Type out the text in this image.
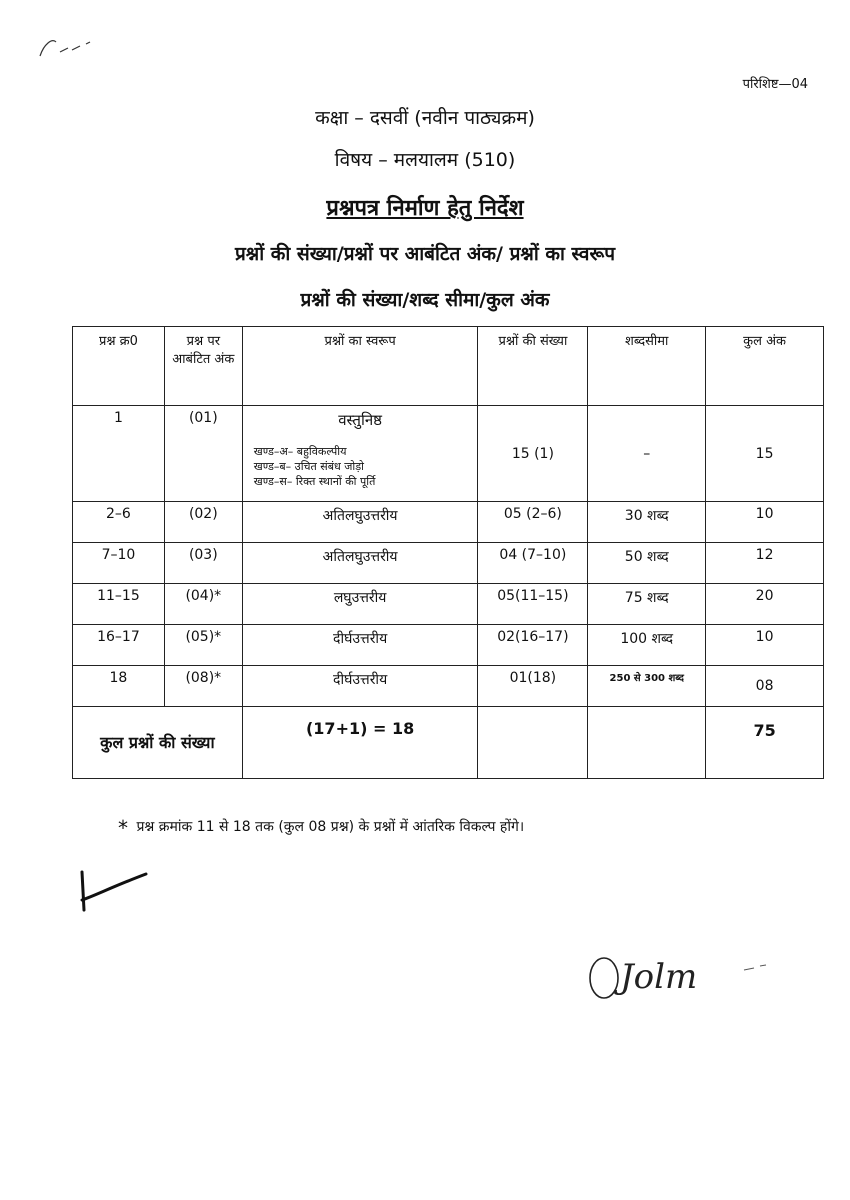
परिशिष्ट—04
कक्षा – दसवीं (नवीन पाठ्यक्रम)
विषय – मलयालम (510)
प्रश्नपत्र निर्माण हेतु निर्देश
प्रश्नों की संख्या/प्रश्नों पर आबंटित अंक/ प्रश्नों का स्वरूप
प्रश्नों की संख्या/शब्द सीमा/कुल अंक
प्रश्न क्र0	प्रश्न पर आबंटित अंक	प्रश्नों का स्वरूप	प्रश्नों की संख्या	शब्दसीमा	कुल अंक
1	(01)	वस्तुनिष्ठ
खण्ड–अ– बहुविकल्पीय
खण्ड–ब– उचित संबंध जोड़ो
खण्ड–स– रिक्त स्थानों की पूर्ति	15 (1)	–	15
2–6	(02)	अतिलघुउत्तरीय	05 (2–6)	30 शब्द	10
7–10	(03)	अतिलघुउत्तरीय	04 (7–10)	50 शब्द	12
11–15	(04)*	लघुउत्तरीय	05(11–15)	75 शब्द	20
16–17	(05)*	दीर्घउत्तरीय	02(16–17)	100 शब्द	10
18	(08)*	दीर्घउत्तरीय	01(18)	250 से 300 शब्द	08
कुल प्रश्नों की संख्या		(17+1) = 18			75
* प्रश्न क्रमांक 11 से 18 तक (कुल 08 प्रश्न) के प्रश्नों में आंतरिक विकल्प होंगे।
Jolm
